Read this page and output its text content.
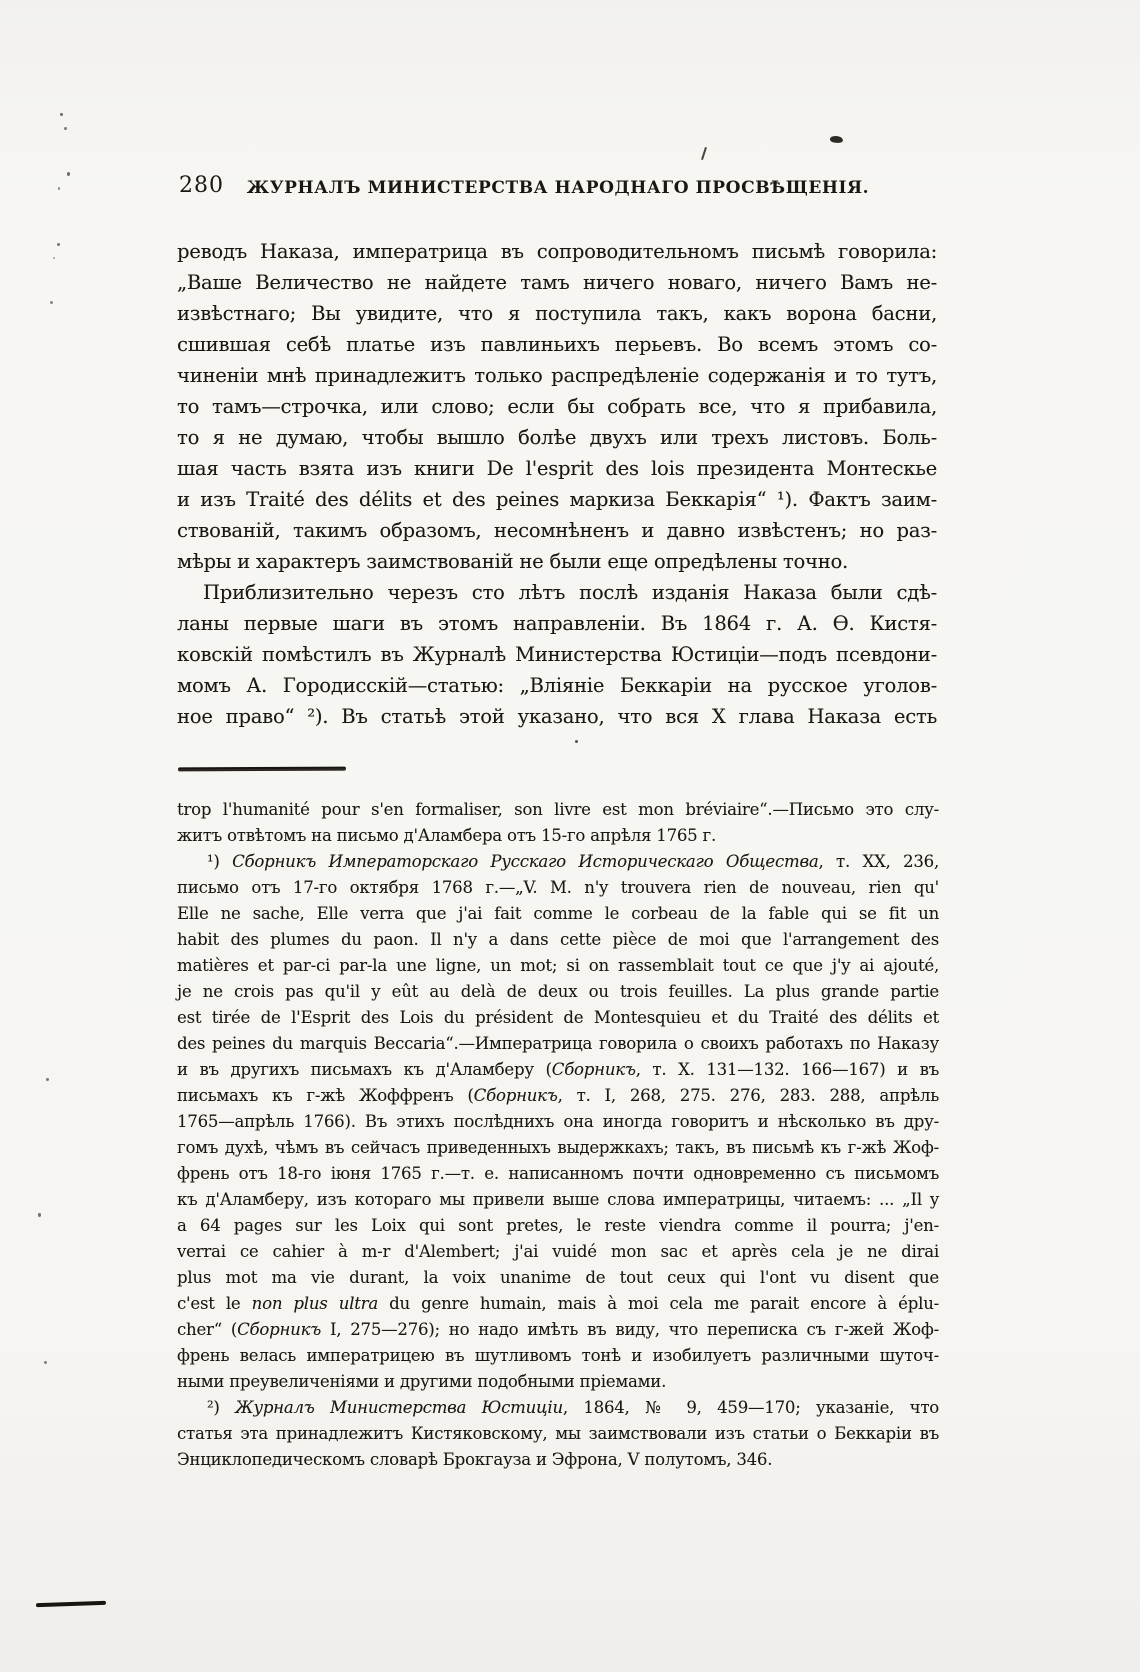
280	ЖУРНАЛЪ МИНИСТЕРСТВА НАРОДНАГО ПРОСВѢЩЕНІЯ.
реводъ Наказа, императрица въ сопроводительномъ письмѣ говорила:
„Ваше Величество не найдете тамъ ничего новаго, ничего Вамъ не-
извѣстнаго; Вы увидите, что я поступила такъ, какъ ворона басни,
сшившая себѣ платье изъ павлиньихъ перьевъ. Во всемъ этомъ со-
чиненіи мнѣ принадлежитъ только распредѣленіе содержанія и то тутъ,
то тамъ—строчка, или слово; если бы собрать все, что я прибавила,
то я не думаю, чтобы вышло болѣе двухъ или трехъ листовъ. Боль-
шая часть взята изъ книги De l'esprit des lois президента Монтескье
и изъ Traité des délits et des peines маркиза Беккарія“ ¹). Фактъ заим-
ствованій, такимъ образомъ, несомнѣненъ и давно извѣстенъ; но раз-
мѣры и характеръ заимствованій не были еще опредѣлены точно.
Приблизительно черезъ сто лѣтъ послѣ изданія Наказа были сдѣ-
ланы первые шаги въ этомъ направленіи. Въ 1864 г. А. Ѳ. Кистя-
ковскій помѣстилъ въ Журналѣ Министерства Юстиціи—подъ псевдони-
момъ А. Городисскій—статью: „Вліяніе Беккаріи на русское уголов-
ное право“ ²). Въ статьѣ этой указано, что вся X глава Наказа есть
trop l'humanité pour s'en formaliser, son livre est mon bréviaire“.—Письмо это слу-
житъ отвѣтомъ на письмо д'Аламбера отъ 15-го апрѣля 1765 г.
¹) Сборникъ Императорскаго Русскаго Историческаго Общества, т. XX, 236,
письмо отъ 17-го октября 1768 г.—„V. M. n'y trouvera rien de nouveau, rien qu'
Elle ne sache, Elle verra que j'ai fait comme le corbeau de la fable qui se fit un
habit des plumes du paon. Il n'y a dans cette pièce de moi que l'arrangement des
matières et par-ci par-la une ligne, un mot; si on rassemblait tout ce que j'y ai ajouté,
je ne crois pas qu'il y eût au delà de deux ou trois feuilles. La plus grande partie
est tirée de l'Esprit des Lois du président de Montesquieu et du Traité des délits et
des peines du marquis Beccaria“.—Императрица говорила о своихъ работахъ по Наказу
и въ другихъ письмахъ къ д'Аламберу (Сборникъ, т. X. 131—132. 166—167) и въ
письмахъ къ г-жѣ Жоффренъ (Сборникъ, т. I, 268, 275. 276, 283. 288, апрѣль
1765—апрѣль 1766). Въ этихъ послѣднихъ она иногда говоритъ и нѣсколько въ дру-
гомъ духѣ, чѣмъ въ сейчасъ приведенныхъ выдержкахъ; такъ, въ письмѣ къ г-жѣ Жоф-
френь отъ 18-го іюня 1765 г.—т. е. написанномъ почти одновременно съ письмомъ
къ д'Аламберу, изъ котораго мы привели выше слова императрицы, читаемъ: ... „Il y
a 64 pages sur les Loix qui sont pretes, le reste viendra comme il pourra; j'en-
verrai ce cahier à m-r d'Alembert; j'ai vuidé mon sac et après cela je ne dirai
plus mot ma vie durant, la voix unanime de tout ceux qui l'ont vu disent que
c'est le non plus ultra du genre humain, mais à moi cela me parait encore à éplu-
cher“ (Сборникъ I, 275—276); но надо имѣть въ виду, что переписка съ г-жей Жоф-
френь велась императрицею въ шутливомъ тонѣ и изобилуетъ различными шуточ-
ными преувеличеніями и другими подобными пріемами.
²) Журналъ Министерства Юстиціи, 1864, № 9, 459—170; указаніе, что
статья эта принадлежитъ Кистяковскому, мы заимствовали изъ статьи о Беккаріи въ
Энциклопедическомъ словарѣ Брокгауза и Эфрона, V полутомъ, 346.
